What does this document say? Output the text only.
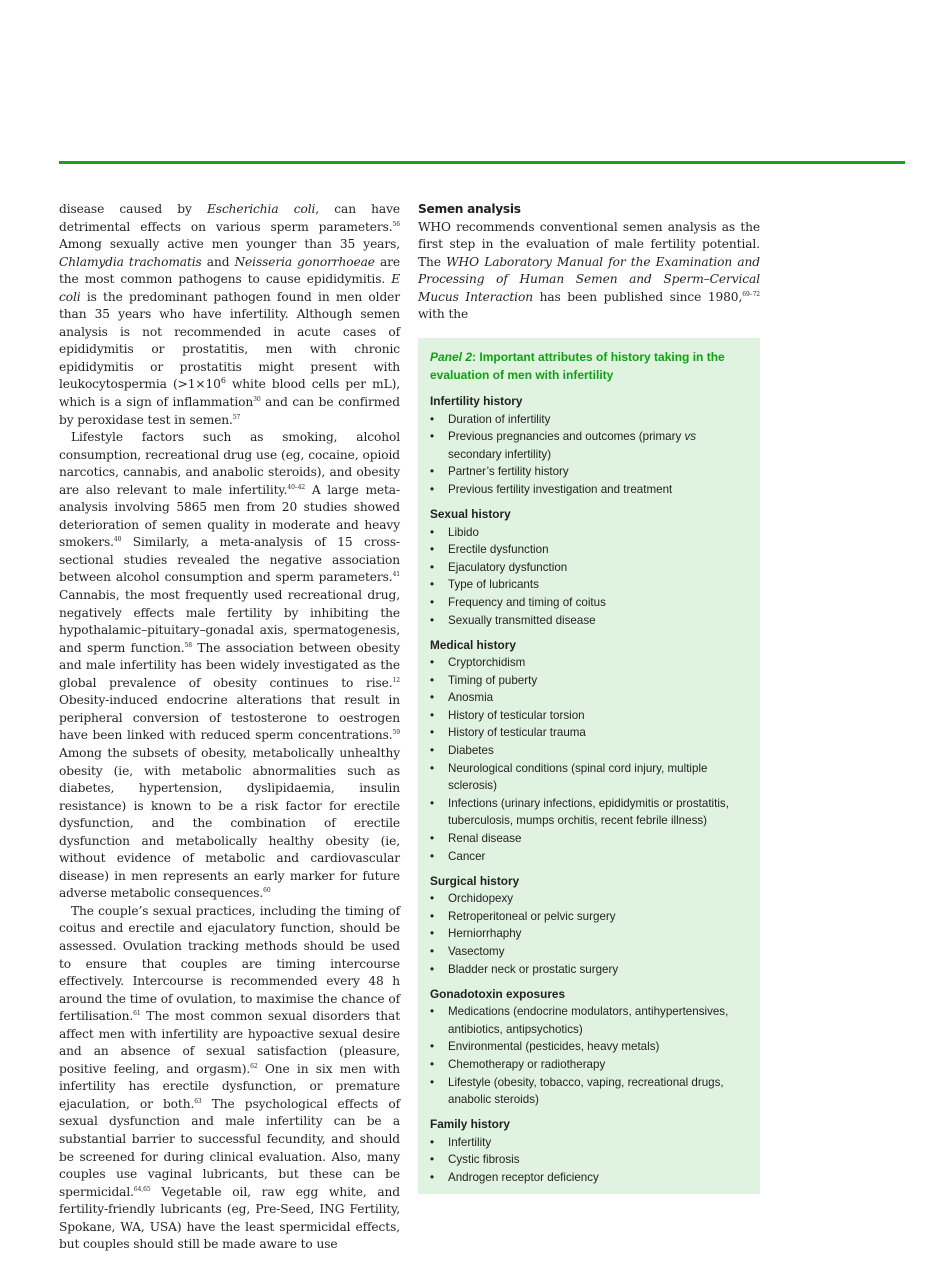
disease caused by Escherichia coli, can have detrimental effects on various sperm parameters.$^{56}$ Among sexually active men younger than 35 years, Chlamydia trachomatis and Neisseria gonorrhoeae are the most common pathogens to cause epididymitis. E coli is the predominant pathogen found in men older than 35 years who have infertility. Although semen analysis is not recommended in acute cases of epididymitis or prostatitis, men with chronic epididymitis or prostatitis might present with leukocytospermia ($>1\times 10^6$ white blood cells per mL), which is a sign of inflammation$^{30}$ and can be confirmed by peroxidase test in semen.$^{57}$

Lifestyle factors such as smoking, alcohol consumption, recreational drug use (eg, cocaine, opioid narcotics, cannabis, and anabolic steroids), and obesity are also relevant to male infertility.$^{40-42}$ A large meta-analysis involving 5865 men from 20 studies showed deterioration of semen quality in moderate and heavy smokers.$^{40}$ Similarly, a meta-analysis of 15 cross-sectional studies revealed the negative association between alcohol consumption and sperm parameters.$^{41}$ Cannabis, the most frequently used recreational drug, negatively effects male fertility by inhibiting the hypothalamic–pituitary–gonadal axis, spermatogenesis, and sperm function.$^{58}$ The association between obesity and male infertility has been widely investigated as the global prevalence of obesity continues to rise.$^{12}$ Obesity-induced endocrine alterations that result in peripheral conversion of testosterone to oestrogen have been linked with reduced sperm concentrations.$^{59}$ Among the subsets of obesity, metabolically unhealthy obesity (ie, with metabolic abnormalities such as diabetes, hypertension, dyslipidaemia, insulin resistance) is known to be a risk factor for erectile dysfunction, and the combination of erectile dysfunction and metabolically healthy obesity (ie, without evidence of metabolic and cardiovascular disease) in men represents an early marker for future adverse metabolic consequences.$^{60}$

The couple’s sexual practices, including the timing of coitus and erectile and ejaculatory function, should be assessed. Ovulation tracking methods should be used to ensure that couples are timing intercourse effectively. Intercourse is recommended every 48 h around the time of ovulation, to maximise the chance of fertilisation.$^{61}$ The most common sexual disorders that affect men with infertility are hypoactive sexual desire and an absence of sexual satisfaction (pleasure, positive feeling, and orgasm).$^{62}$ One in six men with infertility has erectile dysfunction, or premature ejaculation, or both.$^{63}$ The psychological effects of sexual dysfunction and male infertility can be a substantial barrier to successful fecundity, and should be screened for during clinical evaluation. Also, many couples use vaginal lubricants, but these can be spermicidal.$^{64,65}$ Vegetable oil, raw egg white, and fertility-friendly lubricants (eg, Pre-Seed, ING Fertility, Spokane, WA, USA) have the least spermicidal effects, but couples should still be made aware to use

Semen analysis

WHO recommends conventional semen analysis as the first step in the evaluation of male fertility potential. The WHO Laboratory Manual for the Examination and Processing of Human Semen and Sperm–Cervical Mucus Interaction has been published since 1980,$^{69-72}$ with the

Panel 2: Important attributes of history taking in the evaluation of men with infertility
Infertility history
• Duration of infertility
• Previous pregnancies and outcomes (primary vs secondary infertility)
• Partner’s fertility history
• Previous fertility investigation and treatment
Sexual history
• Libido
• Erectile dysfunction
• Ejaculatory dysfunction
• Type of lubricants
• Frequency and timing of coitus
• Sexually transmitted disease
Medical history
• Cryptorchidism
• Timing of puberty
• Anosmia
• History of testicular torsion
• History of testicular trauma
• Diabetes
• Neurological conditions (spinal cord injury, multiple sclerosis)
• Infections (urinary infections, epididymitis or prostatitis, tuberculosis, mumps orchitis, recent febrile illness)
• Renal disease
• Cancer
Surgical history
• Orchidopexy
• Retroperitoneal or pelvic surgery
• Herniorrhaphy
• Vasectomy
• Bladder neck or prostatic surgery
Gonadotoxin exposures
• Medications (endocrine modulators, antihypertensives, antibiotics, antipsychotics)
• Environmental (pesticides, heavy metals)
• Chemotherapy or radiotherapy
• Lifestyle (obesity, tobacco, vaping, recreational drugs, anabolic steroids)
Family history
• Infertility
• Cystic fibrosis
• Androgen receptor deficiency
